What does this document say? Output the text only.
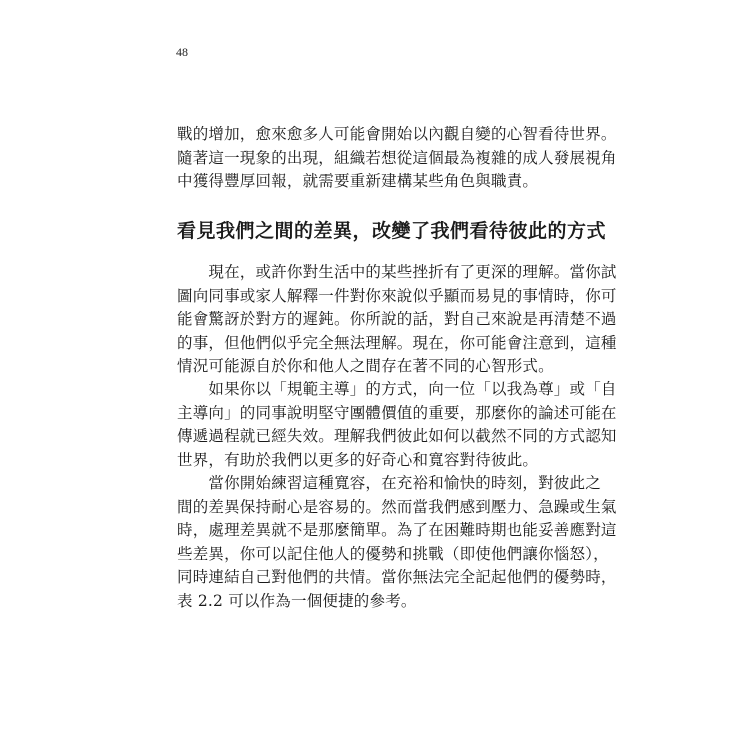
48
戰的增加，愈來愈多人可能會開始以內觀自變的心智看待世界。
隨著這一現象的出現，組織若想從這個最為複雜的成人發展視角
中獲得豐厚回報，就需要重新建構某些角色與職責。
看見我們之間的差異，改變了我們看待彼此的方式
　　現在，或許你對生活中的某些挫折有了更深的理解。當你試
圖向同事或家人解釋一件對你來說似乎顯而易見的事情時，你可
能會驚訝於對方的遲鈍。你所說的話，對自己來說是再清楚不過
的事，但他們似乎完全無法理解。現在，你可能會注意到，這種
情況可能源自於你和他人之間存在著不同的心智形式。
　　如果你以「規範主導」的方式，向一位「以我為尊」或「自
主導向」的同事說明堅守團體價值的重要，那麼你的論述可能在
傳遞過程就已經失效。理解我們彼此如何以截然不同的方式認知
世界，有助於我們以更多的好奇心和寬容對待彼此。
　　當你開始練習這種寬容，在充裕和愉快的時刻，對彼此之
間的差異保持耐心是容易的。然而當我們感到壓力、急躁或生氣
時，處理差異就不是那麼簡單。為了在困難時期也能妥善應對這
些差異，你可以記住他人的優勢和挑戰（即使他們讓你惱怒），
同時連結自己對他們的共情。當你無法完全記起他們的優勢時，
表 2.2 可以作為一個便捷的參考。
